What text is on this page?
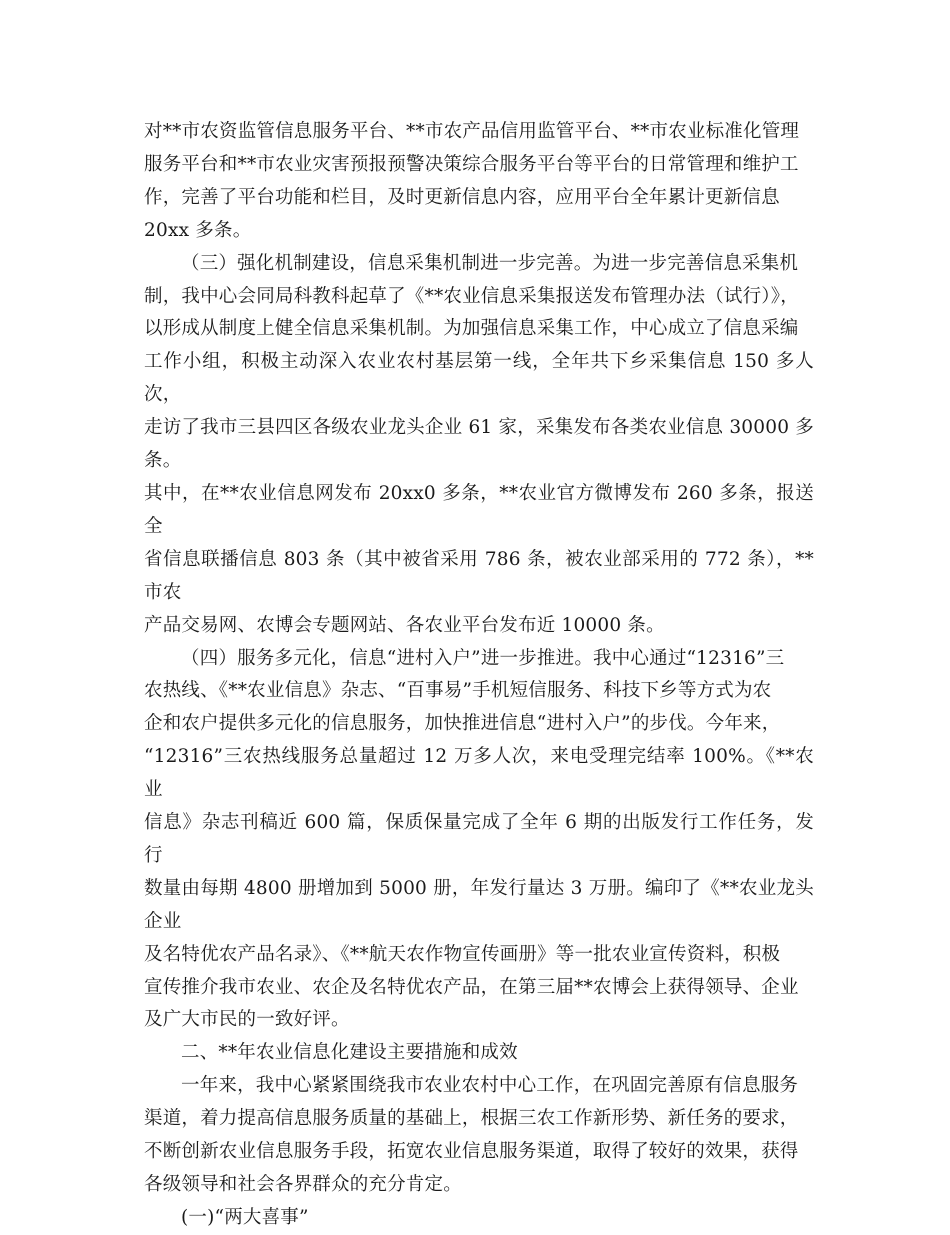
对**市农资监管信息服务平台、**市农产品信用监管平台、**市农业标准化管理
服务平台和**市农业灾害预报预警决策综合服务平台等平台的日常管理和维护工
作，完善了平台功能和栏目，及时更新信息内容，应用平台全年累计更新信息
20xx 多条。

（三）强化机制建设，信息采集机制进一步完善。为进一步完善信息采集机
制，我中心会同局科教科起草了《**农业信息采集报送发布管理办法（试行）》，
以形成从制度上健全信息采集机制。为加强信息采集工作，中心成立了信息采编
工作小组，积极主动深入农业农村基层第一线，全年共下乡采集信息 150 多人次，
走访了我市三县四区各级农业龙头企业 61 家，采集发布各类农业信息 30000 多条。
其中，在**农业信息网发布 20xx0 多条，**农业官方微博发布 260 多条，报送全
省信息联播信息 803 条（其中被省采用 786 条，被农业部采用的 772 条），**市农
产品交易网、农博会专题网站、各农业平台发布近 10000 条。

（四）服务多元化，信息“进村入户”进一步推进。我中心通过“12316”三
农热线、《**农业信息》杂志、“百事易”手机短信服务、科技下乡等方式为农
企和农户提供多元化的信息服务，加快推进信息“进村入户”的步伐。今年来，
“12316”三农热线服务总量超过 12 万多人次，来电受理完结率 100%。《**农业
信息》杂志刊稿近 600 篇，保质保量完成了全年 6 期的出版发行工作任务，发行
数量由每期 4800 册增加到 5000 册，年发行量达 3 万册。编印了《**农业龙头企业
及名特优农产品名录》、《**航天农作物宣传画册》等一批农业宣传资料，积极
宣传推介我市农业、农企及名特优农产品，在第三届**农博会上获得领导、企业
及广大市民的一致好评。

二、**年农业信息化建设主要措施和成效

一年来，我中心紧紧围绕我市农业农村中心工作，在巩固完善原有信息服务
渠道，着力提高信息服务质量的基础上，根据三农工作新形势、新任务的要求，
不断创新农业信息服务手段，拓宽农业信息服务渠道，取得了较好的效果，获得
各级领导和社会各界群众的充分肯定。

(一)“两大喜事”
